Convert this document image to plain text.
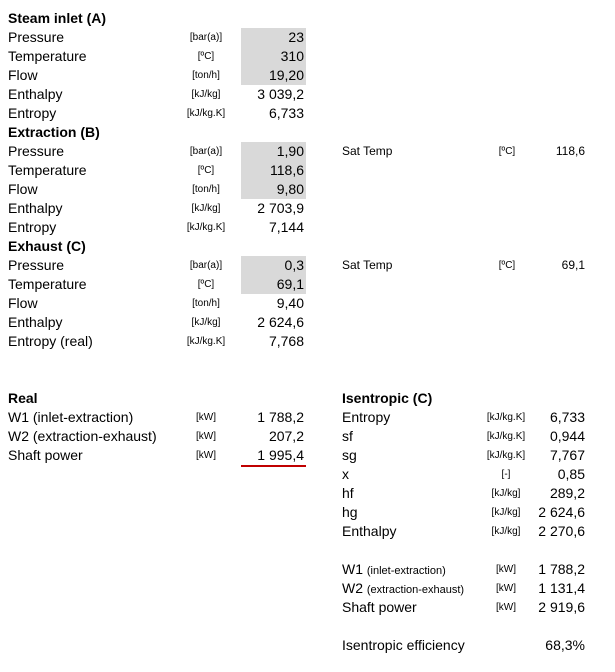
Steam inlet (A)
Pressure	[bar(a)]	23
Temperature	[ºC]	310
Flow	[ton/h]	19,20
Enthalpy	[kJ/kg]	3 039,2
Entropy	[kJ/kg.K]	6,733
Extraction (B)
Pressure	[bar(a)]	1,90
Temperature	[ºC]	118,6
Flow	[ton/h]	9,80
Enthalpy	[kJ/kg]	2 703,9
Entropy	[kJ/kg.K]	7,144
Sat Temp	[ºC]	118,6
Exhaust (C)
Pressure	[bar(a)]	0,3
Temperature	[ºC]	69,1
Flow	[ton/h]	9,40
Enthalpy	[kJ/kg]	2 624,6
Entropy (real)	[kJ/kg.K]	7,768
Sat Temp	[ºC]	69,1
Real
W1 (inlet-extraction)	[kW]	1 788,2
W2 (extraction-exhaust)	[kW]	207,2
Shaft power	[kW]	1 995,4
Isentropic (C)
Entropy	[kJ/kg.K]	6,733
sf	[kJ/kg.K]	0,944
sg	[kJ/kg.K]	7,767
x	[-]	0,85
hf	[kJ/kg]	289,2
hg	[kJ/kg]	2 624,6
Enthalpy	[kJ/kg]	2 270,6
W1 (inlet-extraction)	[kW]	1 788,2
W2 (extraction-exhaust)	[kW]	1 131,4
Shaft power	[kW]	2 919,6
Isentropic efficiency	68,3%
